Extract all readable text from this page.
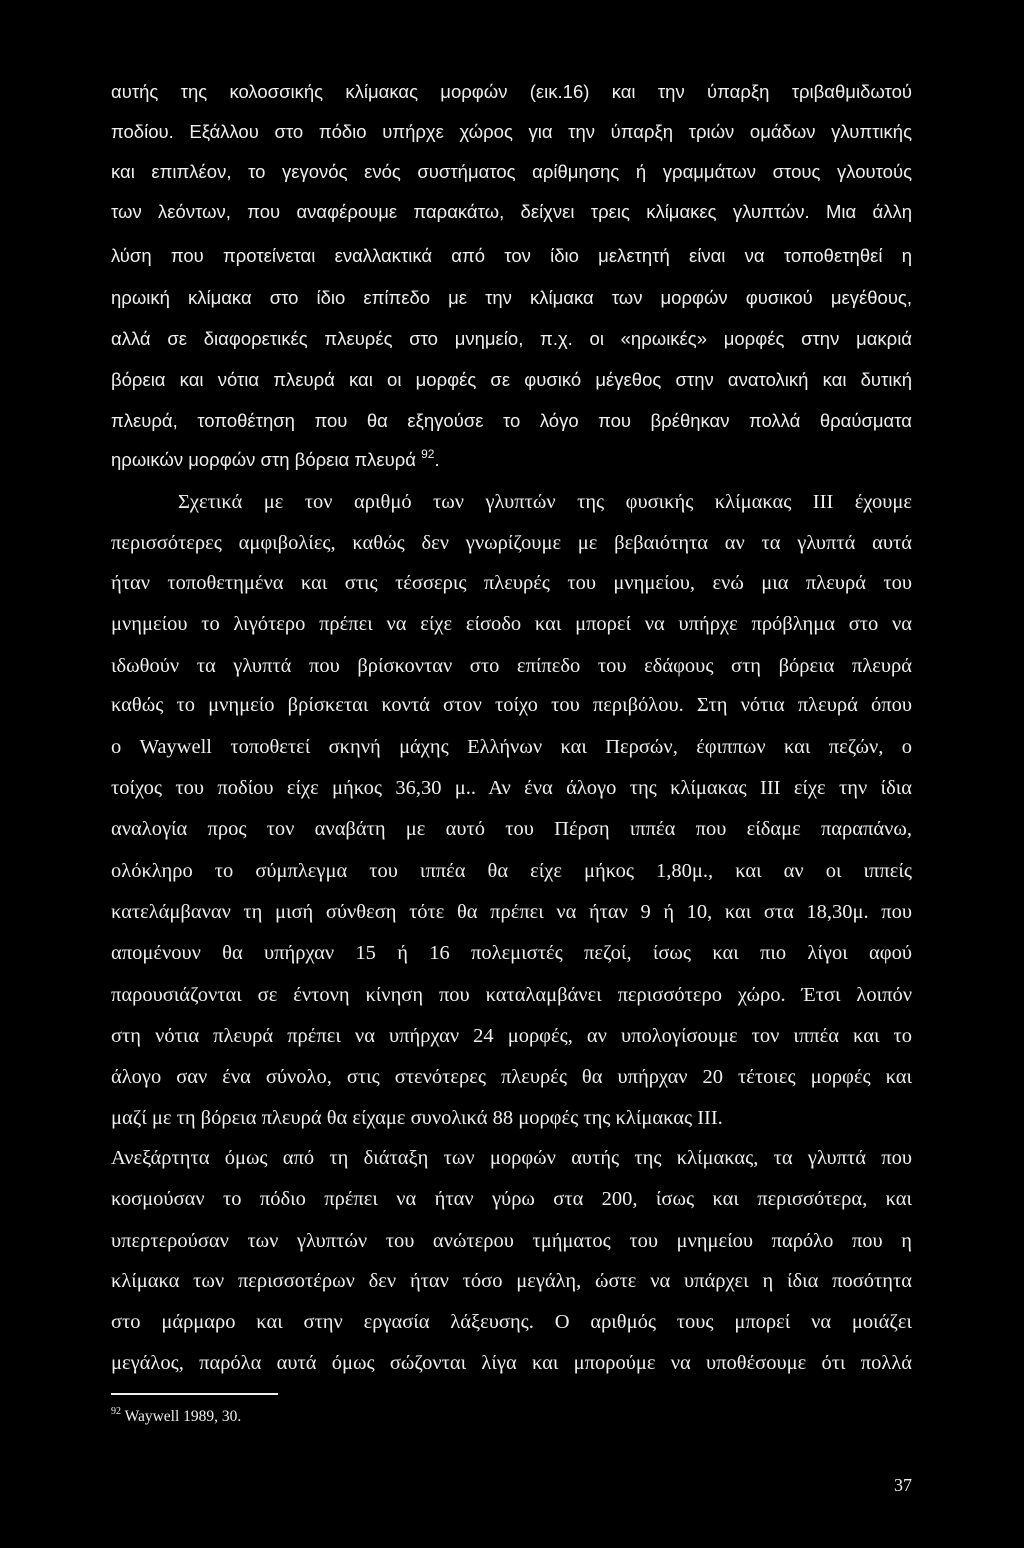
αυτής της κολοσσικής κλίμακας μορφών (εικ.16) και την ύπαρξη τριβαθμιδωτού
ποδίου. Εξάλλου στο πόδιο υπήρχε χώρος για την ύπαρξη τριών ομάδων γλυπτικής
και επιπλέον, το γεγονός ενός συστήματος αρίθμησης ή γραμμάτων στους γλουτούς
των λεόντων, που αναφέρουμε παρακάτω, δείχνει τρεις κλίμακες γλυπτών. Μια άλλη
λύση που προτείνεται εναλλακτικά από τον ίδιο μελετητή είναι να τοποθετηθεί η
ηρωική κλίμακα στο ίδιο επίπεδο με την κλίμακα των μορφών φυσικού μεγέθους,
αλλά σε διαφορετικές πλευρές στο μνημείο, π.χ. οι «ηρωικές» μορφές στην μακριά
βόρεια και νότια πλευρά και οι μορφές σε φυσικό μέγεθος στην ανατολική και δυτική
πλευρά, τοποθέτηση που θα εξηγούσε το λόγο που βρέθηκαν πολλά θραύσματα
ηρωικών μορφών στη βόρεια πλευρά $^{92}$.
Σχετικά με τον αριθμό των γλυπτών της φυσικής κλίμακας ΙΙΙ έχουμε
περισσότερες αμφιβολίες, καθώς δεν γνωρίζουμε με βεβαιότητα αν τα γλυπτά αυτά
ήταν τοποθετημένα και στις τέσσερις πλευρές του μνημείου, ενώ μια πλευρά του
μνημείου το λιγότερο πρέπει να είχε είσοδο και μπορεί να υπήρχε πρόβλημα στο να
ιδωθούν τα γλυπτά που βρίσκονταν στο επίπεδο του εδάφους στη βόρεια πλευρά
καθώς το μνημείο βρίσκεται κοντά στον τοίχο του περιβόλου. Στη νότια πλευρά όπου
ο Waywell τοποθετεί σκηνή μάχης Ελλήνων και Περσών, έφιππων και πεζών, ο
τοίχος του ποδίου είχε μήκος 36,30 μ.. Αν ένα άλογο της κλίμακας ΙΙΙ είχε την ίδια
αναλογία προς τον αναβάτη με αυτό του Πέρση ιππέα που είδαμε παραπάνω,
ολόκληρο το σύμπλεγμα του ιππέα θα είχε μήκος 1,80μ., και αν οι ιππείς
κατελάμβαναν τη μισή σύνθεση τότε θα πρέπει να ήταν 9 ή 10, και στα 18,30μ. που
απομένουν θα υπήρχαν 15 ή 16 πολεμιστές πεζοί, ίσως και πιο λίγοι αφού
παρουσιάζονται σε έντονη κίνηση που καταλαμβάνει περισσότερο χώρο. Έτσι λοιπόν
στη νότια πλευρά πρέπει να υπήρχαν 24 μορφές, αν υπολογίσουμε τον ιππέα και το
άλογο σαν ένα σύνολο, στις στενότερες πλευρές θα υπήρχαν 20 τέτοιες μορφές και
μαζί με τη βόρεια πλευρά θα είχαμε συνολικά 88 μορφές της κλίμακας ΙΙΙ.
Ανεξάρτητα όμως από τη διάταξη των μορφών αυτής της κλίμακας, τα γλυπτά που
κοσμούσαν το πόδιο πρέπει να ήταν γύρω στα 200, ίσως και περισσότερα, και
υπερτερούσαν των γλυπτών του ανώτερου τμήματος του μνημείου παρόλο που η
κλίμακα των περισσοτέρων δεν ήταν τόσο μεγάλη, ώστε να υπάρχει η ίδια ποσότητα
στο μάρμαρο και στην εργασία λάξευσης. Ο αριθμός τους μπορεί να μοιάζει
μεγάλος, παρόλα αυτά όμως σώζονται λίγα και μπορούμε να υποθέσουμε ότι πολλά
$^{92}$ Waywell 1989, 30.
37
